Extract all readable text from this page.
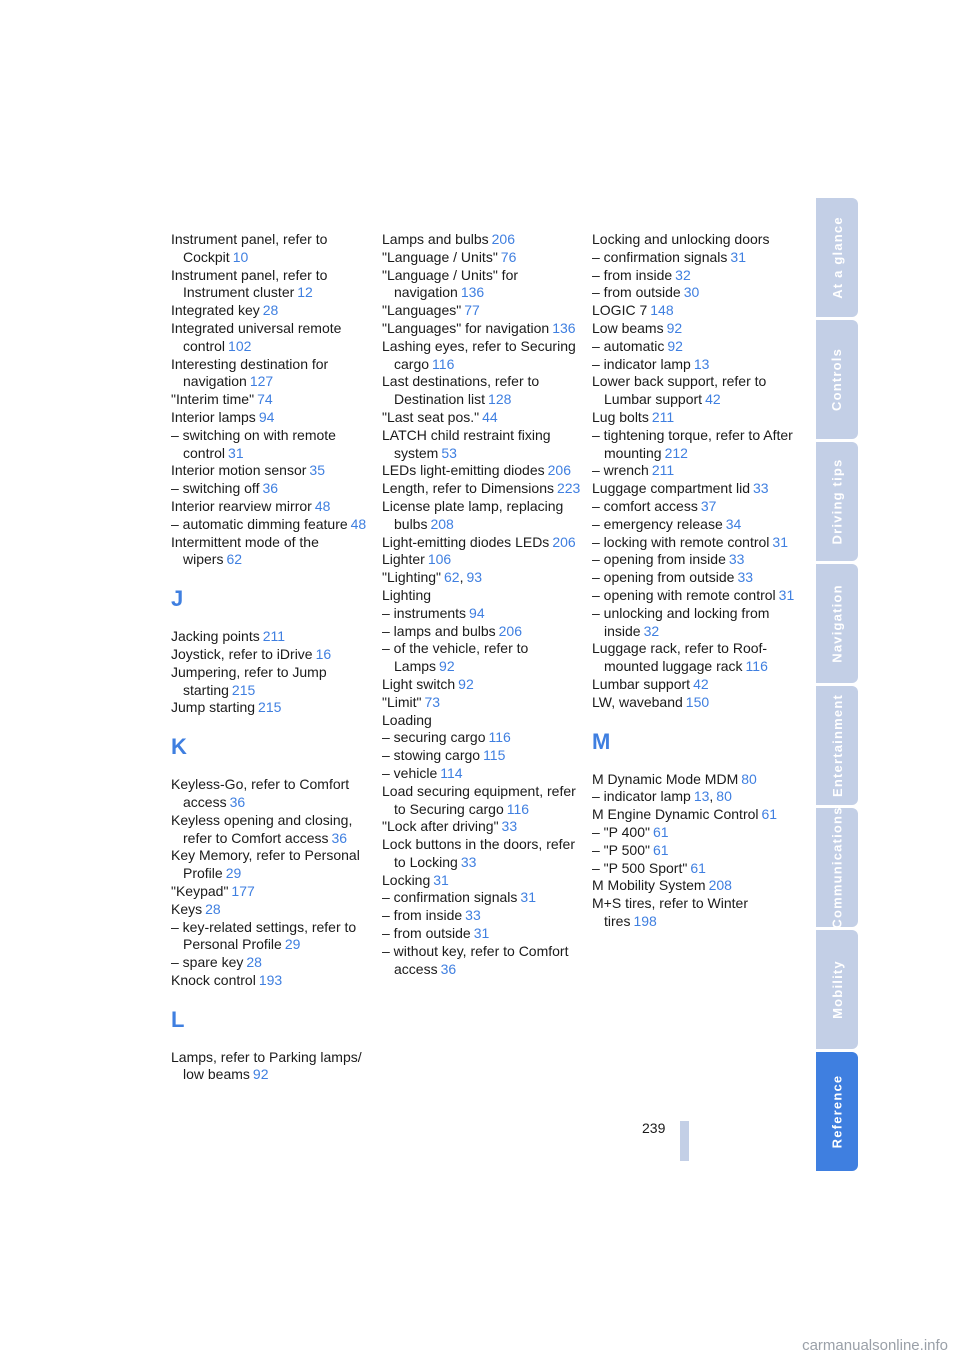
Instrument panel, refer to Cockpit 10
Instrument panel, refer to Instrument cluster 12
Integrated key 28
Integrated universal remote control 102
Interesting destination for navigation 127
"Interim time" 74
Interior lamps 94
– switching on with remote control 31
Interior motion sensor 35
– switching off 36
Interior rearview mirror 48
– automatic dimming feature 48
Intermittent mode of the wipers 62
J
Jacking points 211
Joystick, refer to iDrive 16
Jumpering, refer to Jump starting 215
Jump starting 215
K
Keyless-Go, refer to Comfort access 36
Keyless opening and closing, refer to Comfort access 36
Key Memory, refer to Personal Profile 29
"Keypad" 177
Keys 28
– key-related settings, refer to Personal Profile 29
– spare key 28
Knock control 193
L
Lamps, refer to Parking lamps/ low beams 92
Lamps and bulbs 206
"Language / Units" 76
"Language / Units" for navigation 136
"Languages" 77
"Languages" for navigation 136
Lashing eyes, refer to Securing cargo 116
Last destinations, refer to Destination list 128
"Last seat pos." 44
LATCH child restraint fixing system 53
LEDs light-emitting diodes 206
Length, refer to Dimensions 223
License plate lamp, replacing bulbs 208
Light-emitting diodes LEDs 206
Lighter 106
"Lighting" 62, 93
Lighting
– instruments 94
– lamps and bulbs 206
– of the vehicle, refer to Lamps 92
Light switch 92
"Limit" 73
Loading
– securing cargo 116
– stowing cargo 115
– vehicle 114
Load securing equipment, refer to Securing cargo 116
"Lock after driving" 33
Lock buttons in the doors, refer to Locking 33
Locking 31
– confirmation signals 31
– from inside 33
– from outside 31
– without key, refer to Comfort access 36
Locking and unlocking doors
– confirmation signals 31
– from inside 32
– from outside 30
LOGIC 7 148
Low beams 92
– automatic 92
– indicator lamp 13
Lower back support, refer to Lumbar support 42
Lug bolts 211
– tightening torque, refer to After mounting 212
– wrench 211
Luggage compartment lid 33
– comfort access 37
– emergency release 34
– locking with remote control 31
– opening from inside 33
– opening from outside 33
– opening with remote control 31
– unlocking and locking from inside 32
Luggage rack, refer to Roof-mounted luggage rack 116
Lumbar support 42
LW, waveband 150
M
M Dynamic Mode MDM 80
– indicator lamp 13, 80
M Engine Dynamic Control 61
– "P 400" 61
– "P 500" 61
– "P 500 Sport" 61
M Mobility System 208
M+S tires, refer to Winter tires 198
At a glance
Controls
Driving tips
Navigation
Entertainment
Communications
Mobility
Reference
239
carmanualsonline.info
